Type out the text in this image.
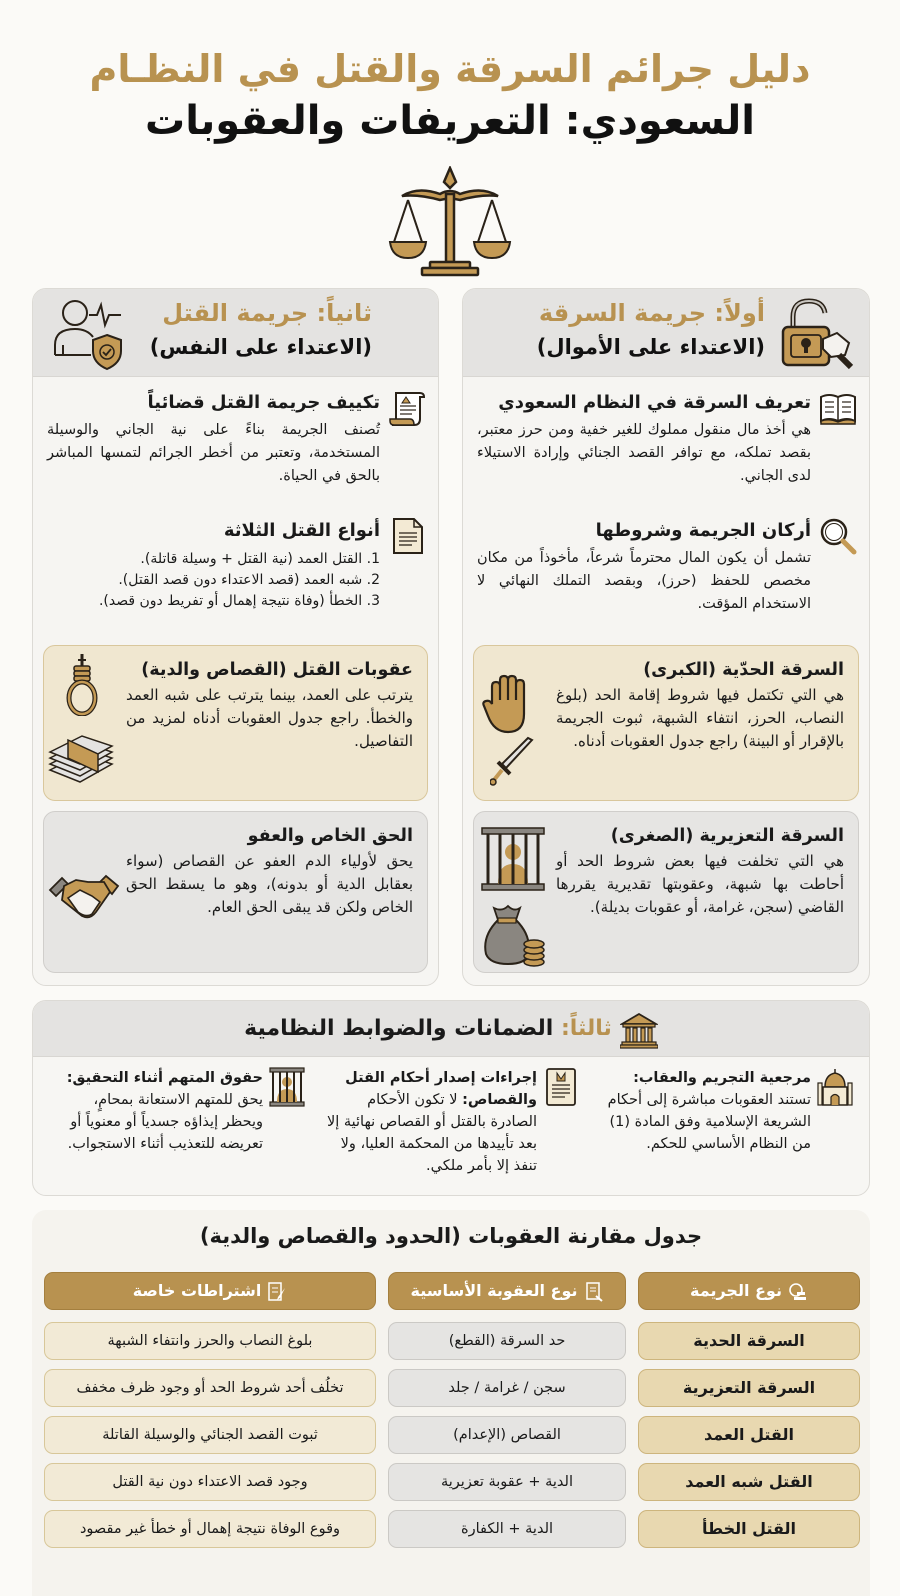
دليل جرائم السرقة والقتل في النظـام
السعودي: التعريفات والعقوبات
أولاً: جريمة السرقة
(الاعتداء على الأموال)
تعريف السرقة في النظام السعودي
هي أخذ مال منقول مملوك للغير خفية ومن حرز معتبر، بقصد تملكه، مع توافر القصد الجنائي وإرادة الاستيلاء لدى الجاني.
أركان الجريمة وشروطها
تشمل أن يكون المال محترماً شرعاً، مأخوذاً من مكان مخصص للحفظ (حرز)، وبقصد التملك النهائي لا الاستخدام المؤقت.
السرقة الحدّية (الكبرى)
هي التي تكتمل فيها شروط إقامة الحد (بلوغ النصاب، الحرز، انتفاء الشبهة، ثبوت الجريمة بالإقرار أو البينة) راجع جدول العقوبات أدناه.
السرقة التعزيرية (الصغرى)
هي التي تخلفت فيها بعض شروط الحد أو أحاطت بها شبهة، وعقوبتها تقديرية يقررها القاضي (سجن، غرامة، أو عقوبات بديلة).
ثانياً: جريمة القتل
(الاعتداء على النفس)
تكييف جريمة القتل قضائياً
تُصنف الجريمة بناءً على نية الجاني والوسيلة المستخدمة، وتعتبر من أخطر الجرائم لتمسها المباشر بالحق في الحياة.
أنواع القتل الثلاثة
1. القتل العمد (نية القتل + وسيلة قاتلة).
2. شبه العمد (قصد الاعتداء دون قصد القتل).
3. الخطأ (وفاة نتيجة إهمال أو تفريط دون قصد).
عقوبات القتل (القصاص والدية)
يترتب على العمد، بينما يترتب على شبه العمد والخطأ. راجع جدول العقوبات أدناه لمزيد من التفاصيل.
الحق الخاص والعفو
يحق لأولياء الدم العفو عن القصاص (سواء بعقابل الدية أو بدونه)، وهو ما يسقط الحق الخاص ولكن قد يبقى الحق العام.
ثالثاً: الضمانات والضوابط النظامية
مرجعية التجريم والعقاب: تستند العقوبات مباشرة إلى أحكام الشريعة الإسلامية وفق المادة (1) من النظام الأساسي للحكم.
إجراءات إصدار أحكام القتل والقصاص: لا تكون الأحكام الصادرة بالقتل أو القصاص نهائية إلا بعد تأييدها من المحكمة العليا، ولا تنفذ إلا بأمر ملكي.
حقوق المتهم أثناء التحقيق: يحق للمتهم الاستعانة بمحامٍ، ويحظر إيذاؤه جسدياً أو معنوياً أو تعريضه للتعذيب أثناء الاستجواب.
جدول مقارنة العقوبات (الحدود والقصاص والدية)
نوع الجريمة
نوع العقوبة الأساسية
اشتراطات خاصة
السرقة الحدية
حد السرقة (القطع)
بلوغ النصاب والحرز وانتفاء الشبهة
السرقة التعزيرية
سجن / غرامة / جلد
تخلُف أحد شروط الحد أو وجود ظرف مخفف
القتل العمد
القصاص (الإعدام)
ثبوت القصد الجنائي والوسيلة القاتلة
القتل شبه العمد
الدية + عقوبة تعزيرية
وجود قصد الاعتداء دون نية القتل
القتل الخطأ
الدية + الكفارة
وقوع الوفاة نتيجة إهمال أو خطأ غير مقصود
